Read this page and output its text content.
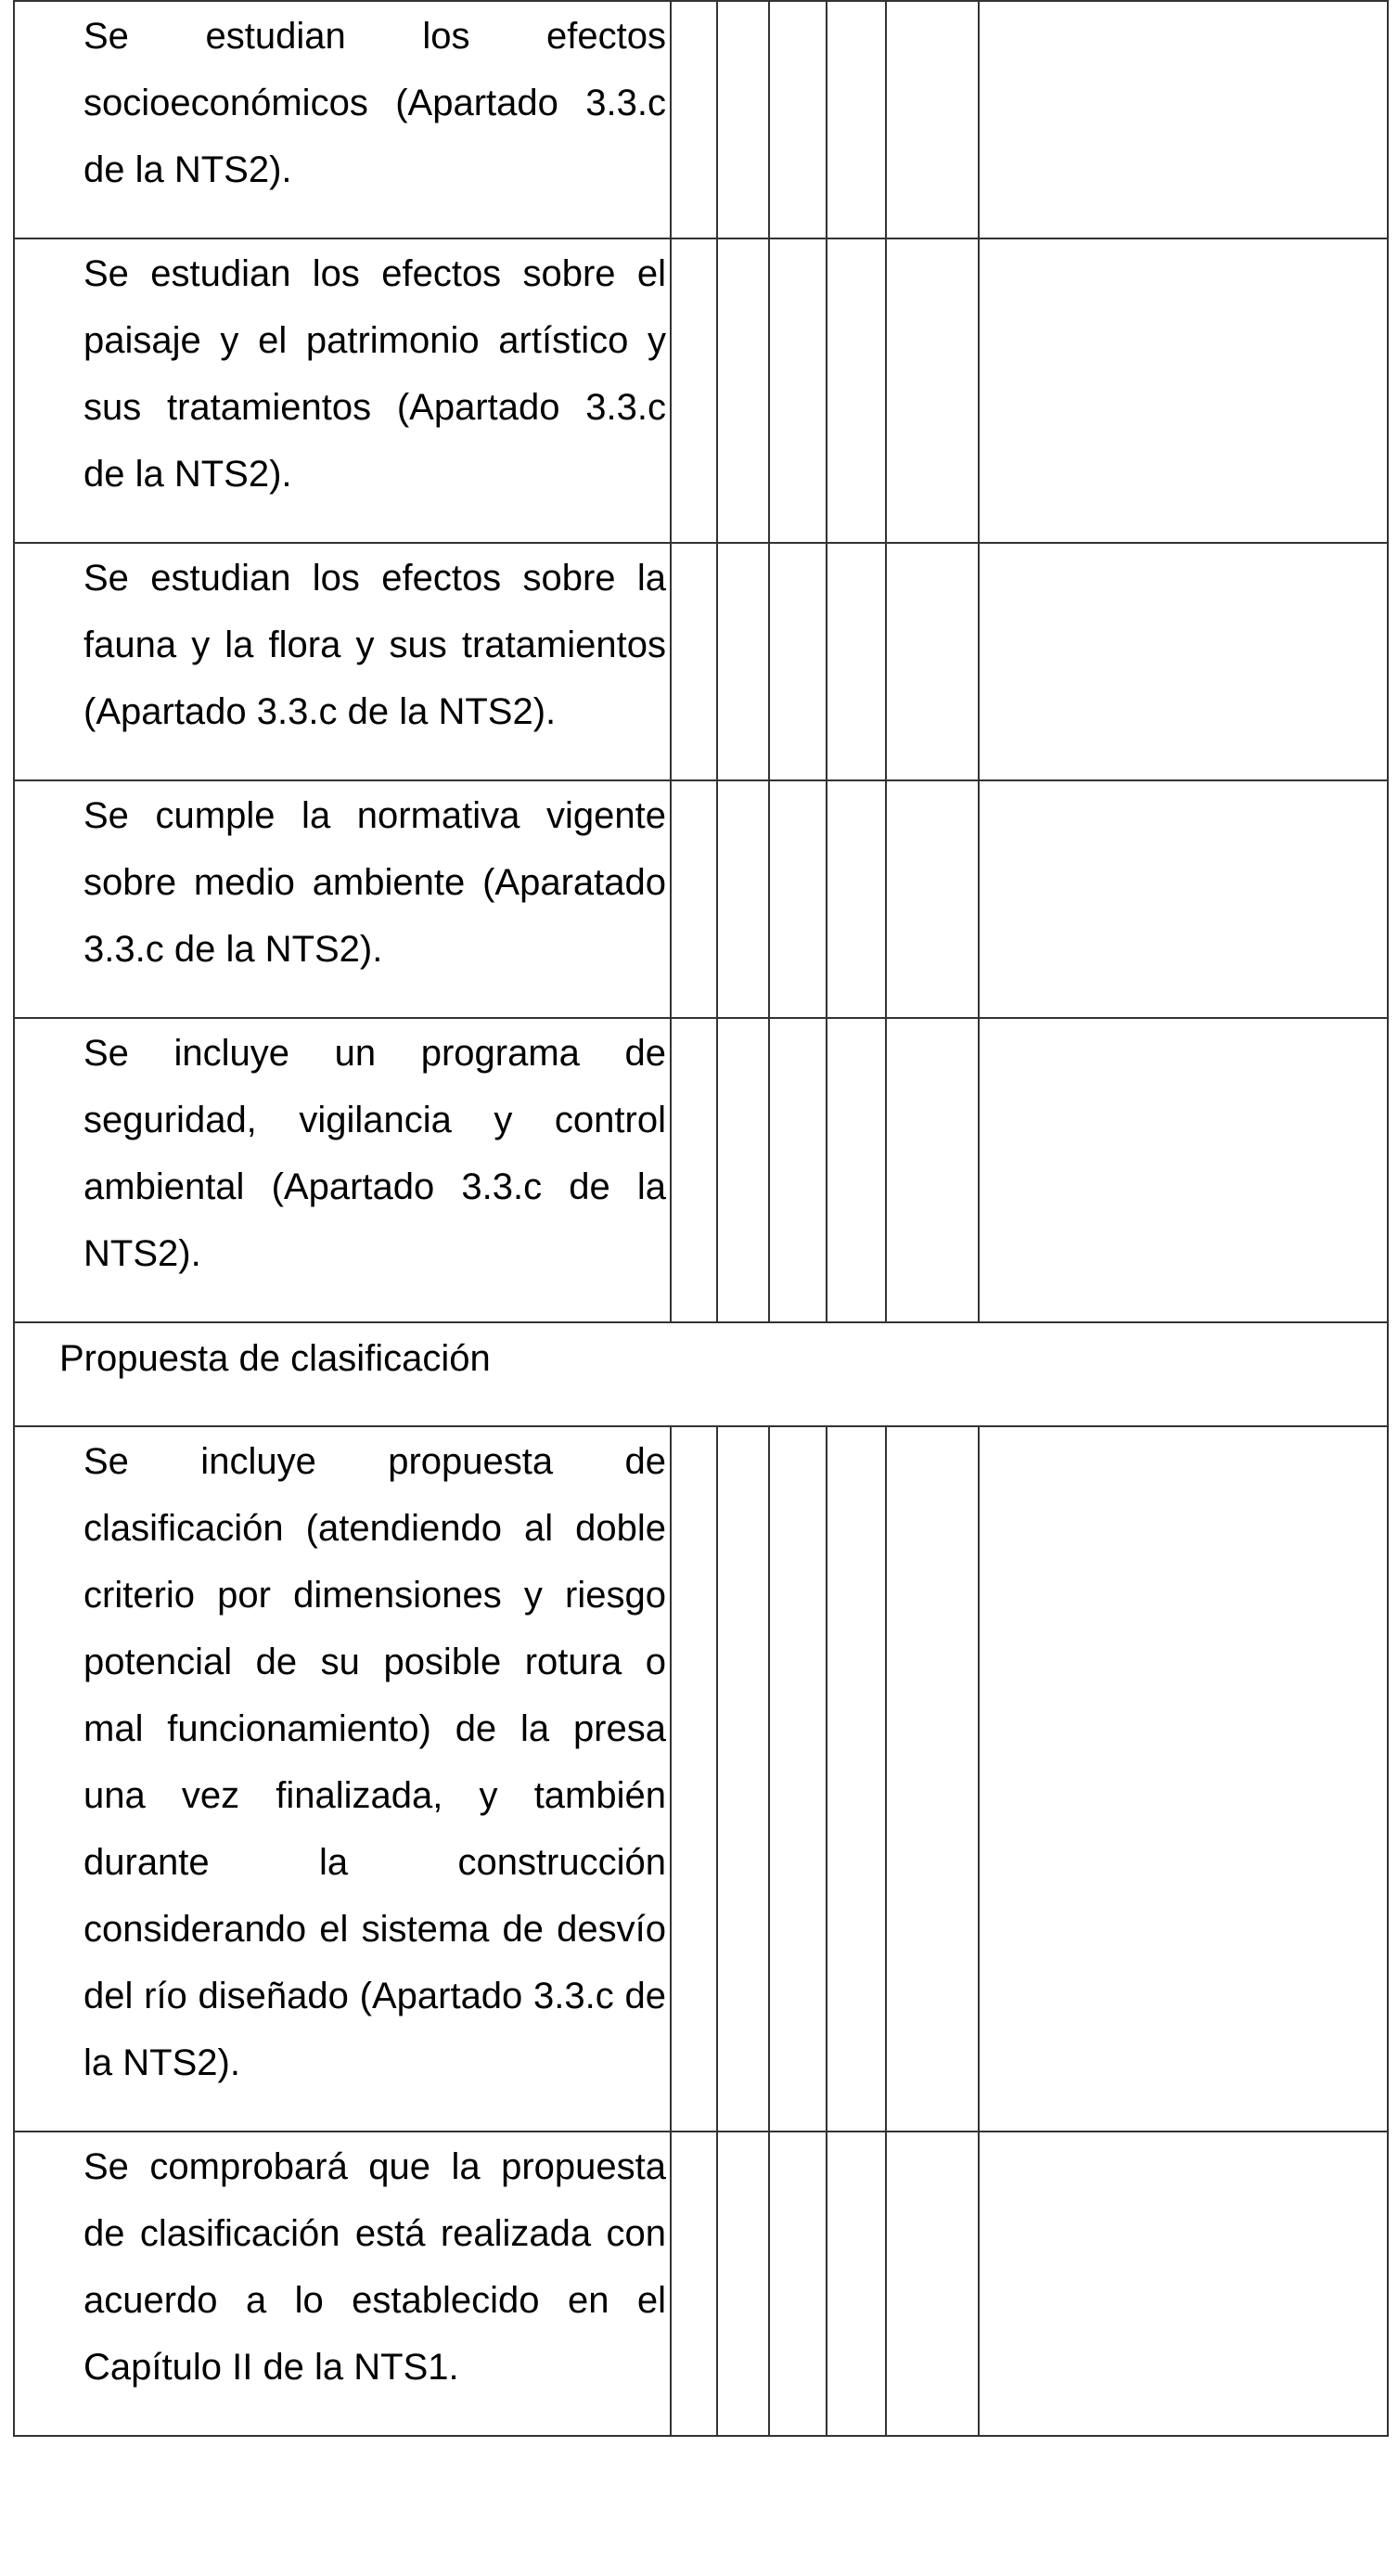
Se estudian los efectos socioeconómicos (Apartado 3.3.c de la NTS2).						

Se estudian los efectos sobre el paisaje y el patrimonio artístico y sus tratamientos (Apartado 3.3.c de la NTS2).						

Se estudian los efectos sobre la fauna y la flora y sus tratamientos (Apartado 3.3.c de la NTS2).						

Se cumple la normativa vigente sobre medio ambiente (Aparatado 3.3.c de la NTS2).						

Se incluye un programa de seguridad, vigilancia y control ambiental (Apartado 3.3.c de la NTS2).						

Propuesta de clasificación						

Se incluye propuesta de clasificación (atendiendo al doble criterio por dimensiones y riesgo potencial de su posible rotura o mal funcionamiento) de la presa una vez finalizada, y también durante la construcción considerando el sistema de desvío del río diseñado (Apartado 3.3.c de la NTS2).						

Se comprobará que la propuesta de clasificación está realizada con acuerdo a lo establecido en el Capítulo II de la NTS1.						
